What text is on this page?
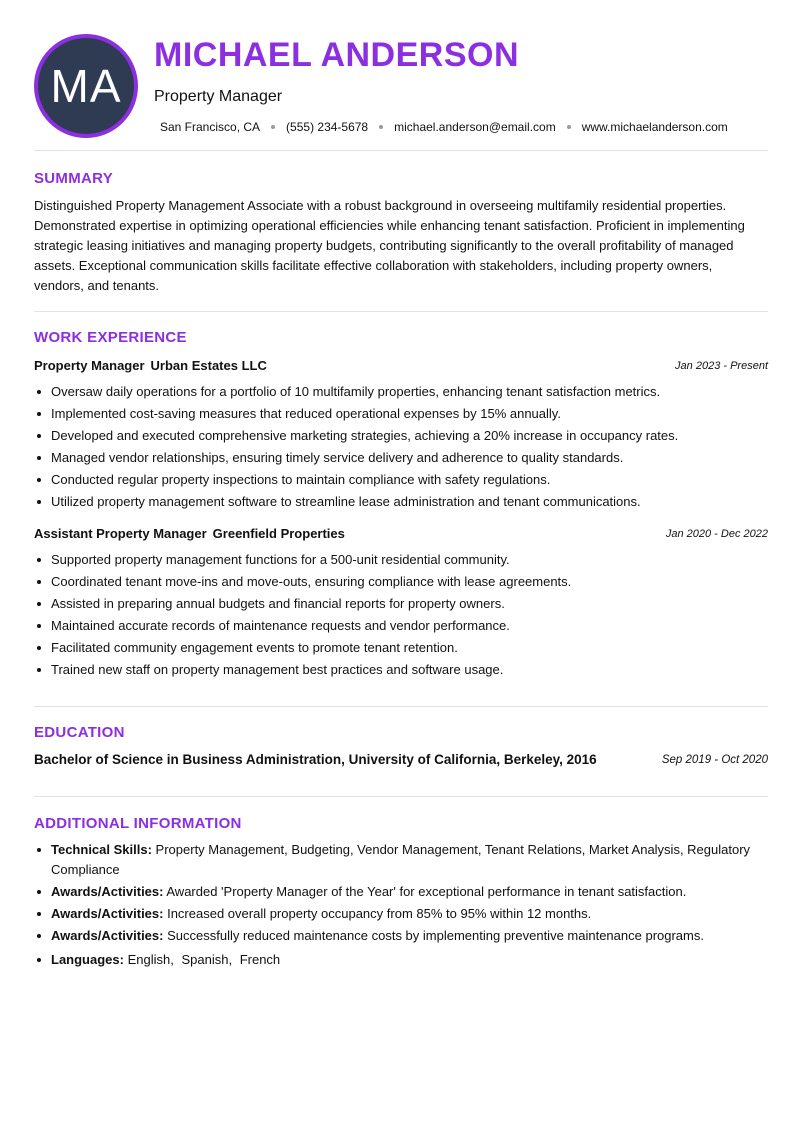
MA
MICHAEL ANDERSON
Property Manager
San Francisco, CA (555) 234-5678 michael.anderson@email.com www.michaelanderson.com
SUMMARY

Distinguished Property Management Associate with a robust background in overseeing multifamily residential properties. Demonstrated expertise in optimizing operational efficiencies while enhancing tenant satisfaction. Proficient in implementing strategic leasing initiatives and managing property budgets, contributing significantly to the overall profitability of managed assets. Exceptional communication skills facilitate effective collaboration with stakeholders, including property owners, vendors, and tenants.

WORK EXPERIENCE
Property Manager Urban Estates LLC	Jan 2023 - Present
Oversaw daily operations for a portfolio of 10 multifamily properties, enhancing tenant satisfaction metrics.
Implemented cost-saving measures that reduced operational expenses by 15% annually.
Developed and executed comprehensive marketing strategies, achieving a 20% increase in occupancy rates.
Managed vendor relationships, ensuring timely service delivery and adherence to quality standards.
Conducted regular property inspections to maintain compliance with safety regulations.
Utilized property management software to streamline lease administration and tenant communications.
Assistant Property Manager Greenfield Properties	Jan 2020 - Dec 2022
Supported property management functions for a 500-unit residential community.
Coordinated tenant move-ins and move-outs, ensuring compliance with lease agreements.
Assisted in preparing annual budgets and financial reports for property owners.
Maintained accurate records of maintenance requests and vendor performance.
Facilitated community engagement events to promote tenant retention.
Trained new staff on property management best practices and software usage.
EDUCATION
Bachelor of Science in Business Administration, University of California, Berkeley, 2016	Sep 2019 - Oct 2020
ADDITIONAL INFORMATION
Technical Skills: Property Management, Budgeting, Vendor Management, Tenant Relations, Market Analysis, Regulatory Compliance
Awards/Activities: Awarded 'Property Manager of the Year' for exceptional performance in tenant satisfaction.
Awards/Activities: Increased overall property occupancy from 85% to 95% within 12 months.
Awards/Activities: Successfully reduced maintenance costs by implementing preventive maintenance programs.
Languages: English, Spanish, French
